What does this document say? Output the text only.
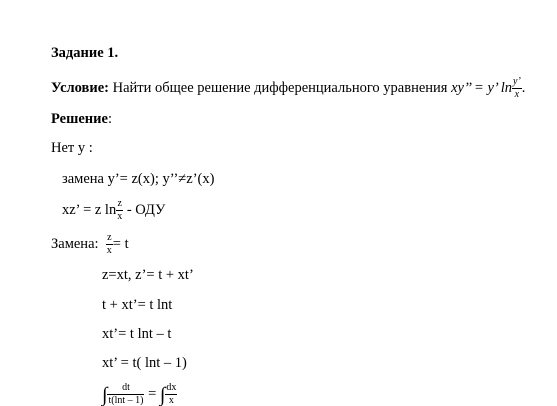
Задание 1.
Условие: Найти общее решение дифференциального уравнения xy’’ = y’ $\ln \frac{y’}{x}$ .
Решение:
Нет у :
замена y’= z(x); y’’≠z’(x)
xz’ = z $\ln \frac{z}{x}$ - ОДУ
Замена: $\frac{z}{x} = t$
z=xt, z’= t + xt’
t + xt’= t lnt
xt’= t lnt – t
xt’ = t( lnt – 1)
∫ $\frac{dt}{t(\ln t - 1)}$ = ∫ $\frac{dx}{x}$
